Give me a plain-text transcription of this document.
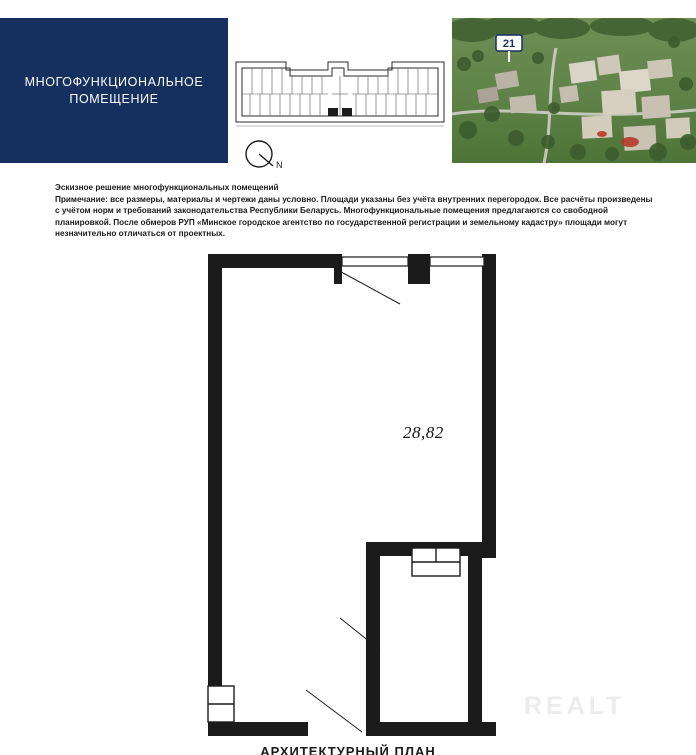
МНОГОФУНКЦИОНАЛЬНОЕ
ПОМЕЩЕНИЕ
N
21
Эскизное решение многофункциональных помещений
Примечание: все размеры, материалы и чертежи даны условно. Площади указаны без учёта внутренних перегородок. Все расчёты произведены с учётом норм и требований законодательства Республики Беларусь. Многофункциональные помещения предлагаются со свободной планировкой. После обмеров РУП «Минское городское агентство по государственной регистрации и земельному кадастру» площади могут незначительно отличаться от проектных.
28,82
REALT
АРХИТЕКТУРНЫЙ ПЛАН
